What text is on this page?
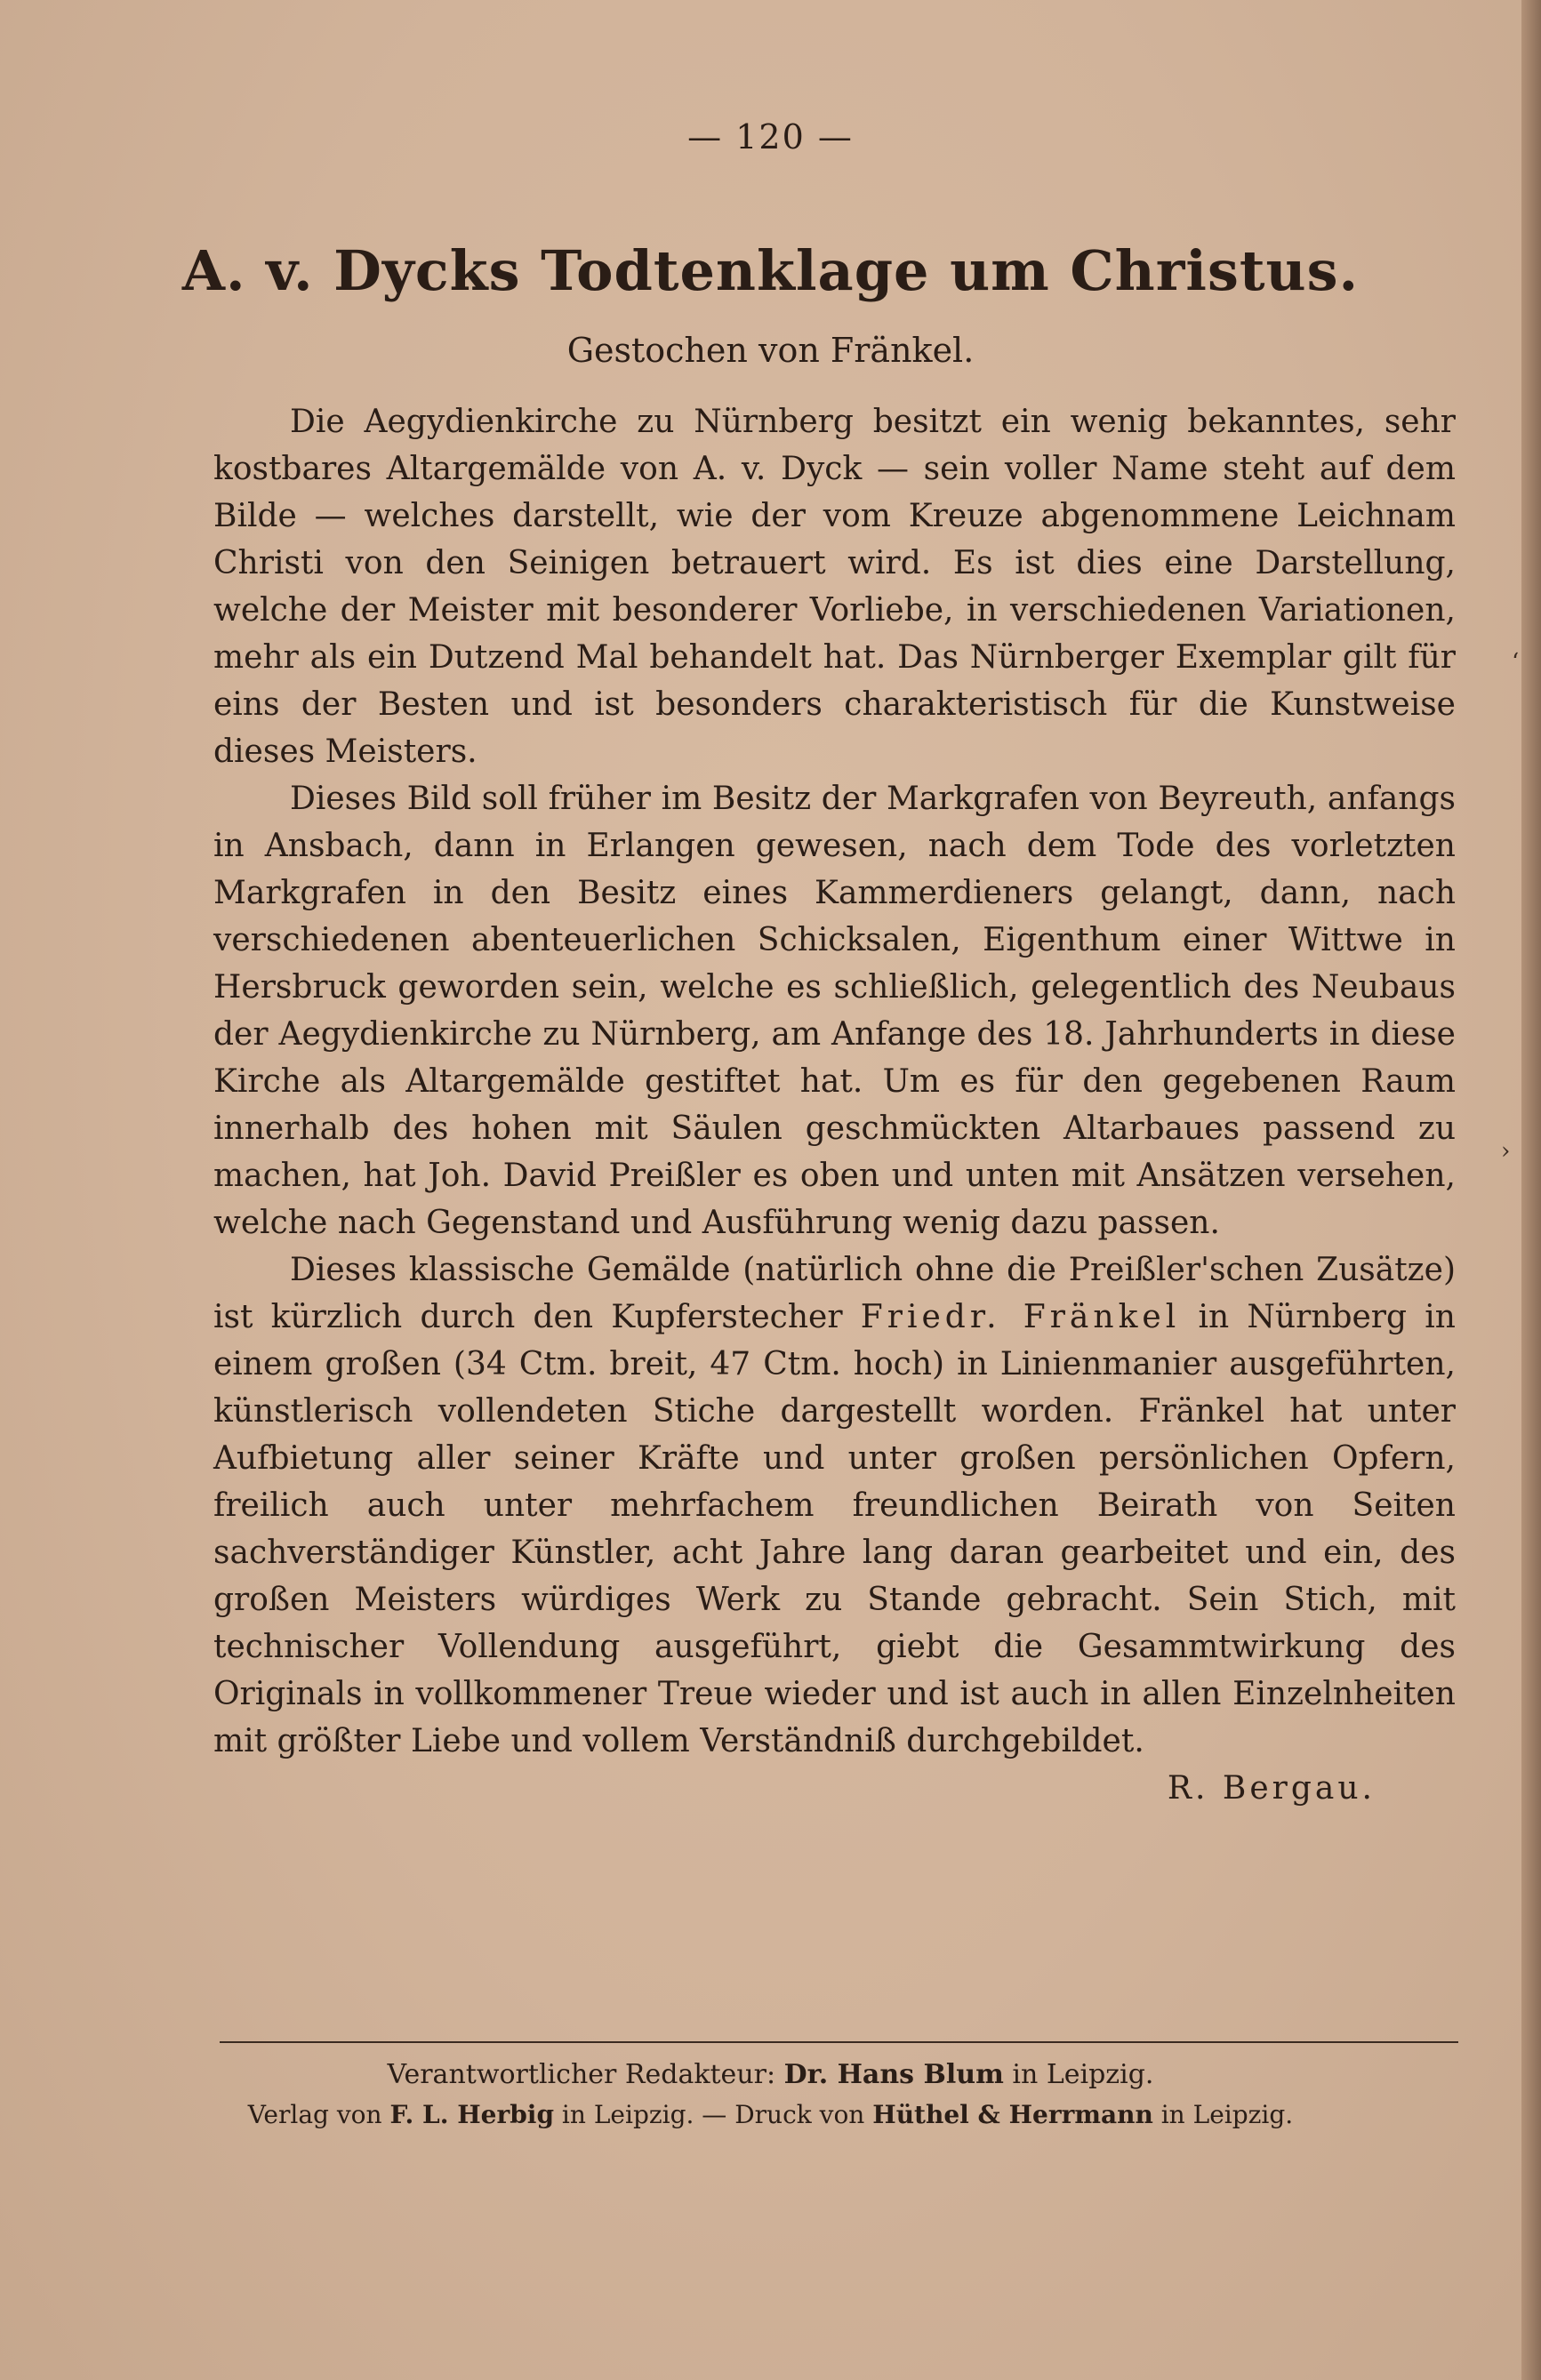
— 120 —
A. v. Dycks Todtenklage um Christus.
Gestochen von Fränkel.

Die Aegydienkirche zu Nürnberg besitzt ein wenig bekanntes, sehr kostbares Altargemälde von A. v. Dyck — sein voller Name steht auf dem Bilde — welches darstellt, wie der vom Kreuze abgenommene Leichnam Christi von den Seinigen betrauert wird. Es ist dies eine Darstellung, welche der Meister mit besonderer Vorliebe, in verschiedenen Variationen, mehr als ein Dutzend Mal behandelt hat. Das Nürnberger Exemplar gilt für eins der Besten und ist besonders charakteristisch für die Kunstweise dieses Meisters.

Dieses Bild soll früher im Besitz der Markgrafen von Beyreuth, anfangs in Ansbach, dann in Erlangen gewesen, nach dem Tode des vorletzten Markgrafen in den Besitz eines Kammerdieners gelangt, dann, nach verschiedenen abenteuerlichen Schicksalen, Eigenthum einer Wittwe in Hersbruck geworden sein, welche es schließlich, gelegentlich des Neubaus der Aegydienkirche zu Nürnberg, am Anfange des 18. Jahrhunderts in diese Kirche als Altargemälde gestiftet hat. Um es für den gegebenen Raum innerhalb des hohen mit Säulen geschmückten Altarbaues passend zu machen, hat Joh. David Preißler es oben und unten mit Ansätzen versehen, welche nach Gegenstand und Ausführung wenig dazu passen.

Dieses klassische Gemälde (natürlich ohne die Preißler'schen Zusätze) ist kürzlich durch den Kupferstecher Friedr. Fränkel in Nürnberg in einem großen (34 Ctm. breit, 47 Ctm. hoch) in Linienmanier ausgeführten, künstlerisch vollendeten Stiche dargestellt worden. Fränkel hat unter Aufbietung aller seiner Kräfte und unter großen persönlichen Opfern, freilich auch unter mehrfachem freundlichen Beirath von Seiten sachverständiger Künstler, acht Jahre lang daran gearbeitet und ein, des großen Meisters würdiges Werk zu Stande gebracht. Sein Stich, mit technischer Vollendung ausgeführt, giebt die Gesammtwirkung des Originals in vollkommener Treue wieder und ist auch in allen Einzelnheiten mit größter Liebe und vollem Verständniß durchgebildet.

R. Bergau.

Verantwortlicher Redakteur: Dr. Hans Blum in Leipzig.
Verlag von F. L. Herbig in Leipzig. — Druck von Hüthel & Herrmann in Leipzig.
‘
›
